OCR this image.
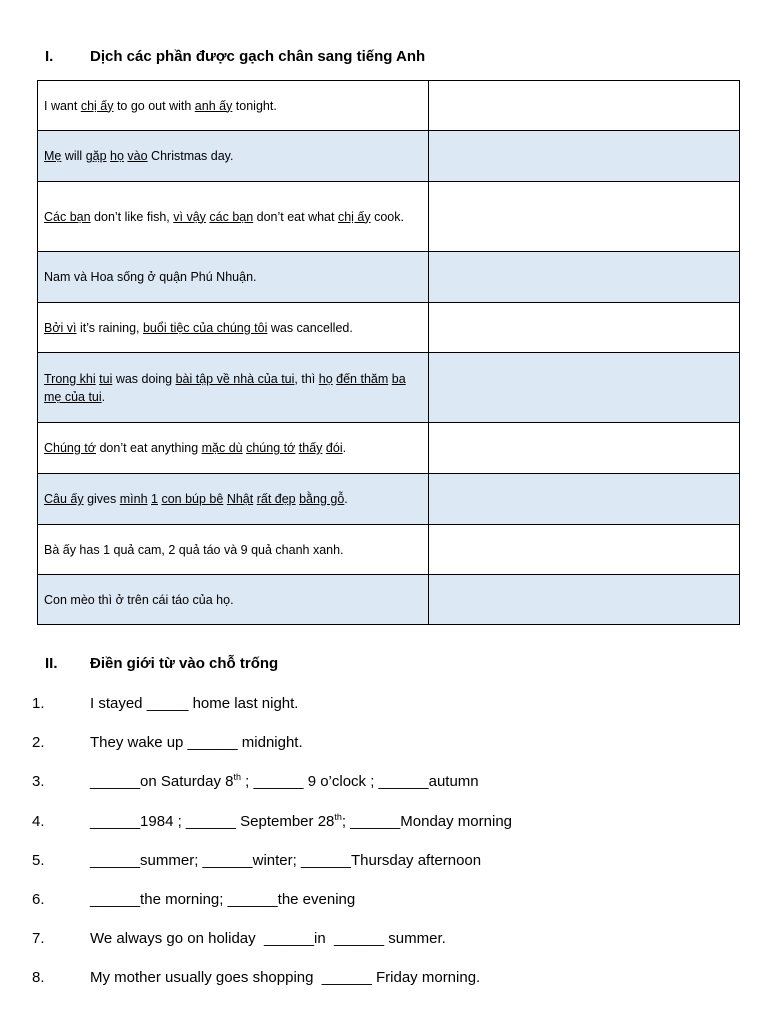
I.	Dịch các phần được gạch chân sang tiếng Anh
I want chị ấy to go out with anh ấy tonight.	
Mẹ will gặp họ vào Christmas day.	
Các bạn don’t like fish, vì vậy các bạn don’t eat what chị ấy cook.	
Nam và Hoa sống ở quận Phú Nhuận.	
Bởi vì it’s raining, buổi tiệc của chúng tôi was cancelled.	
Trong khi tui was doing bài tập về nhà của tui, thì họ đến thăm ba mẹ của tui.	
Chúng tớ don’t eat anything mặc dù chúng tớ thấy đói.	
Câu ấy gives mình 1 con búp bê Nhật rất đẹp bằng gỗ.	
Bà ấy has 1 quả cam, 2 quả táo và 9 quả chanh xanh.	
Con mèo thì ở trên cái táo của họ.	
II.	Điền giới từ vào chỗ trống
1.	I stayed _____ home last night.
2.	They wake up ______ midnight.
3.	______on Saturday 8th ; ______ 9 o’clock ; ______autumn
4.	______1984 ; ______ September 28th; ______Monday morning
5.	______summer; ______winter; ______Thursday afternoon
6.	______the morning; ______the evening
7.	We always go on holiday  ______in  ______ summer.
8.	My mother usually goes shopping  ______ Friday morning.
